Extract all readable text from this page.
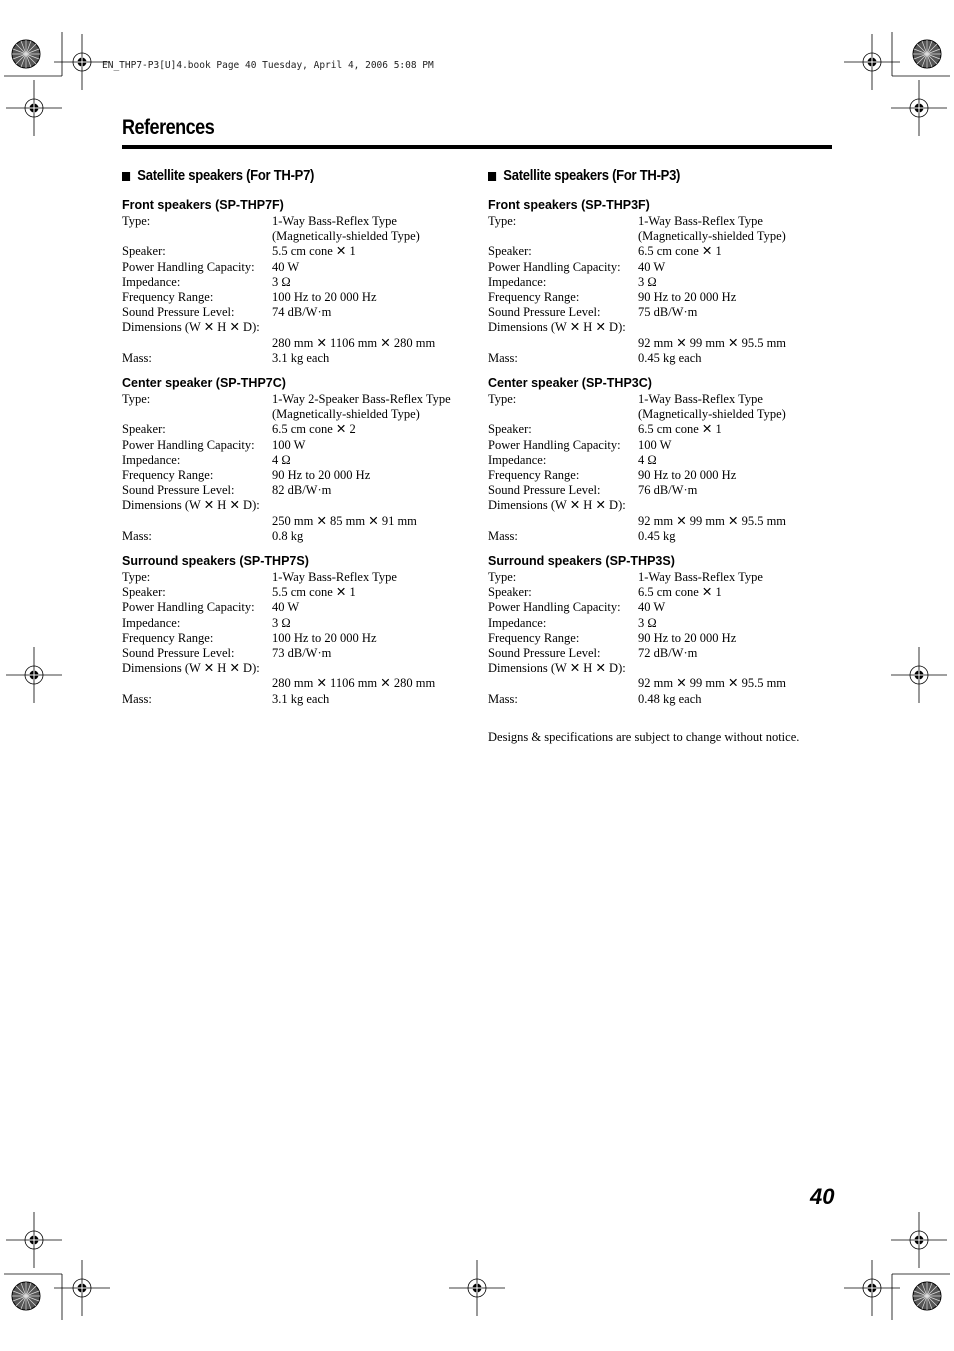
EN_THP7-P3[U]4.book Page 40 Tuesday, April 4, 2006 5:08 PM
References
Satellite speakers (For TH-P7)
Front speakers (SP-THP7F)
Type:	1-Way Bass-Reflex Type
(Magnetically-shielded Type)
Speaker:	5.5 cm cone ✕ 1
Power Handling Capacity:	40 W
Impedance:	3 Ω
Frequency Range:	100 Hz to 20 000 Hz
Sound Pressure Level:	74 dB/W·m
Dimensions (W ✕ H ✕ D):

280 mm ✕ 1106 mm ✕ 280 mm
Mass:	3.1 kg each
Center speaker (SP-THP7C)
Type:	1-Way 2-Speaker Bass-Reflex Type
(Magnetically-shielded Type)
Speaker:	6.5 cm cone ✕ 2
Power Handling Capacity:	100 W
Impedance:	4 Ω
Frequency Range:	90 Hz to 20 000 Hz
Sound Pressure Level:	82 dB/W·m
Dimensions (W ✕ H ✕ D):

250 mm ✕ 85 mm ✕ 91 mm
Mass:	0.8 kg
Surround speakers (SP-THP7S)
Type:	1-Way Bass-Reflex Type
Speaker:	5.5 cm cone ✕ 1
Power Handling Capacity:	40 W
Impedance:	3 Ω
Frequency Range:	100 Hz to 20 000 Hz
Sound Pressure Level:	73 dB/W·m
Dimensions (W ✕ H ✕ D):

280 mm ✕ 1106 mm ✕ 280 mm
Mass:	3.1 kg each
Satellite speakers (For TH-P3)
Front speakers (SP-THP3F)
Type:	1-Way Bass-Reflex Type
(Magnetically-shielded Type)
Speaker:	6.5 cm cone ✕ 1
Power Handling Capacity:	40 W
Impedance:	3 Ω
Frequency Range:	90 Hz to 20 000 Hz
Sound Pressure Level:	75 dB/W·m
Dimensions (W ✕ H ✕ D):

92 mm ✕ 99 mm ✕ 95.5 mm
Mass:	0.45 kg each
Center speaker (SP-THP3C)
Type:	1-Way Bass-Reflex Type
(Magnetically-shielded Type)
Speaker:	6.5 cm cone ✕ 1
Power Handling Capacity:	100 W
Impedance:	4 Ω
Frequency Range:	90 Hz to 20 000 Hz
Sound Pressure Level:	76 dB/W·m
Dimensions (W ✕ H ✕ D):

92 mm ✕ 99 mm ✕ 95.5 mm
Mass:	0.45 kg
Surround speakers (SP-THP3S)
Type:	1-Way Bass-Reflex Type
Speaker:	6.5 cm cone ✕ 1
Power Handling Capacity:	40 W
Impedance:	3 Ω
Frequency Range:	90 Hz to 20 000 Hz
Sound Pressure Level:	72 dB/W·m
Dimensions (W ✕ H ✕ D):

92 mm ✕ 99 mm ✕ 95.5 mm
Mass:	0.48 kg each
Designs & specifications are subject to change without notice.
40
